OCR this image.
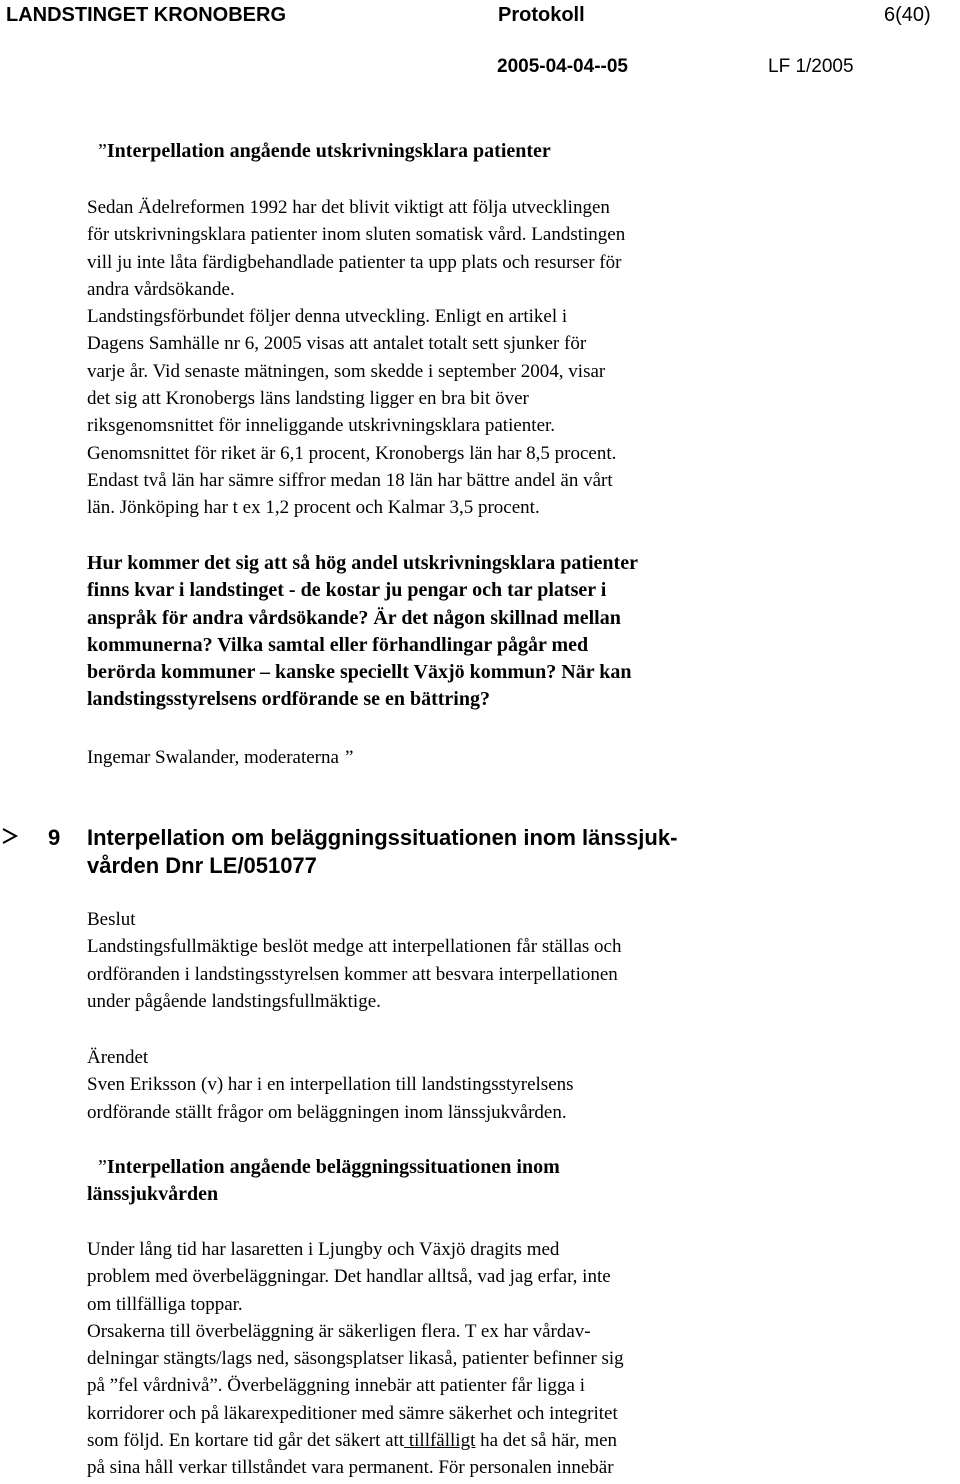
LANDSTINGET KRONOBERG	Protokoll	6(40)
2005-04-04--05	LF 1/2005
”Interpellation angående utskrivningsklara patienter
Sedan Ädelreformen 1992 har det blivit viktigt att följa utvecklingen
för utskrivningsklara patienter inom sluten somatisk vård. Landstingen
vill ju inte låta färdigbehandlade patienter ta upp plats och resurser för
andra vårdsökande.
Landstingsförbundet följer denna utveckling. Enligt en artikel i
Dagens Samhälle nr 6, 2005 visas att antalet totalt sett sjunker för
varje år. Vid senaste mätningen, som skedde i september 2004, visar
det sig att Kronobergs läns landsting ligger en bra bit över
riksgenomsnittet för inneliggande utskrivningsklara patienter.
Genomsnittet för riket är 6,1 procent, Kronobergs län har 8,5 procent.
Endast två län har sämre siffror medan 18 län har bättre andel än vårt
län. Jönköping har t ex 1,2 procent och Kalmar 3,5 procent.
Hur kommer det sig att så hög andel utskrivningsklara patienter
finns kvar i landstinget - de kostar ju pengar och tar platser i
anspråk för andra vårdsökande? Är det någon skillnad mellan
kommunerna? Vilka samtal eller förhandlingar pågår med
berörda kommuner – kanske speciellt Växjö kommun? När kan
landstingsstyrelsens ordförande se en bättring?
Ingemar Swalander, moderaterna ”
9 Interpellation om beläggningssituationen inom länssjuk-
vården Dnr LE/051077
Beslut
Landstingsfullmäktige beslöt medge att interpellationen får ställas och
ordföranden i landstingsstyrelsen kommer att besvara interpellationen
under pågående landstingsfullmäktige.
Ärendet
Sven Eriksson (v) har i en interpellation till landstingsstyrelsens
ordförande ställt frågor om beläggningen inom länssjukvården.
”Interpellation angående beläggningssituationen inom
länssjukvården
Under lång tid har lasaretten i Ljungby och Växjö dragits med
problem med överbeläggningar. Det handlar alltså, vad jag erfar, inte
om tillfälliga toppar.
Orsakerna till överbeläggning är säkerligen flera. T ex har vårdav-
delningar stängts/lags ned, säsongsplatser likaså, patienter befinner sig
på ”fel vårdnivå”. Överbeläggning innebär att patienter får ligga i
korridorer och på läkarexpeditioner med sämre säkerhet och integritet
som följd. En kortare tid går det säkert att tillfälligt ha det så här, men
på sina håll verkar tillståndet vara permanent. För personalen innebär
